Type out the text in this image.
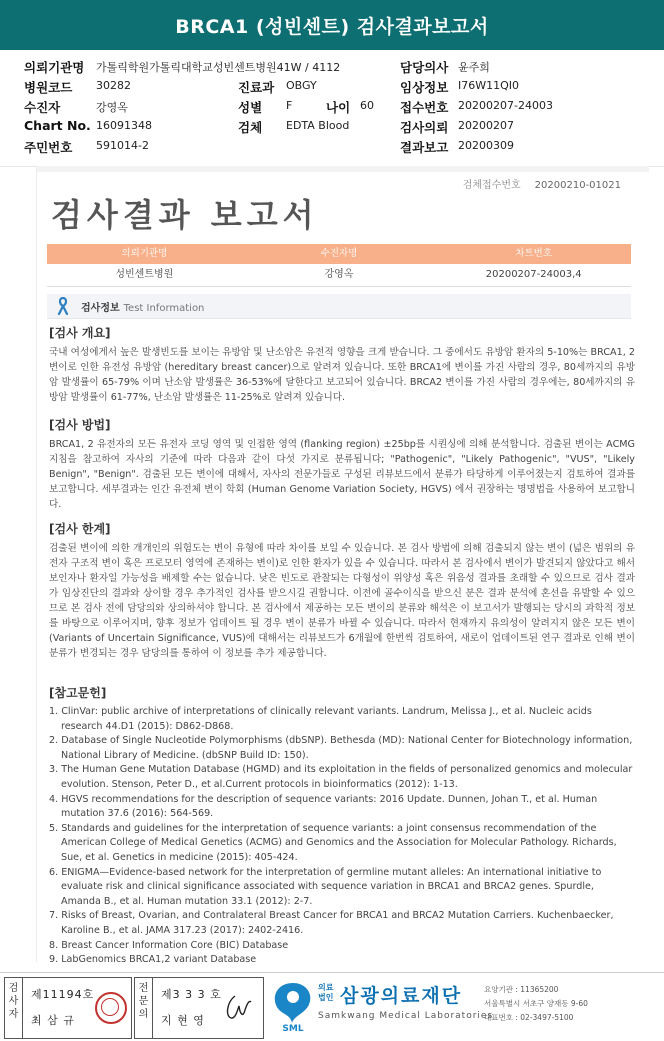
BRCA1 (성빈센트) 검사결과보고서
의뢰기관명 가톨릭학원가톨릭대학교성빈센트병원41W / 4112
병원코드 30282	진료과 OBGY
수진자	강영옥	성별 F	나이 60
Chart No. 16091348	검체 EDTA Blood
주민번호 591014-2
담당의사 윤주희
임상정보 I76W11QI0
접수번호 20200207-24003
검사의뢰 20200207
결과보고 20200309
검체접수번호 20200210-01021
검사결과 보고서
의뢰기관명	수진자명	차트번호
성빈센트병원	강영옥	20200207-24003,4
검사정보 Test Information
[검사 개요]

국내 여성에게서 높은 발생빈도를 보이는 유방암 및 난소암은 유전적 영향을 크게 받습니다. 그 중에서도 유방암 환자의 5-10%는 BRCA1, 2 변이로 인한 유전성 유방암 (hereditary breast cancer)으로 알려져 있습니다. 또한 BRCA1에 변이를 가진 사람의 경우, 80세까지의 유방암 발생률이 65-79% 이며 난소암 발생률은 36-53%에 달한다고 보고되어 있습니다. BRCA2 변이를 가진 사람의 경우에는, 80세까지의 유방암 발생률이 61-77%, 난소암 발생률은 11-25%로 알려져 있습니다.

[검사 방법]

BRCA1, 2 유전자의 모든 유전자 코딩 영역 및 인접한 영역 (flanking region) ±25bp를 시퀀싱에 의해 분석합니다. 검출된 변이는 ACMG 지침을 참고하여 자사의 기준에 따라 다음과 같이 다섯 가지로 분류됩니다; "Pathogenic", "Likely Pathogenic", "VUS", "Likely Benign", "Benign". 검출된 모든 변이에 대해서, 자사의 전문가들로 구성된 리뷰보드에서 분류가 타당하게 이루어졌는지 검토하여 결과를 보고합니다. 세부결과는 인간 유전체 변이 학회 (Human Genome Variation Society, HGVS) 에서 권장하는 명명법을 사용하여 보고합니다.

[검사 한계]

검출된 변이에 의한 개개인의 위험도는 변이 유형에 따라 차이를 보일 수 있습니다. 본 검사 방법에 의해 검출되지 않는 변이 (넓은 범위의 유전자 구조적 변이 혹은 프로모터 영역에 존재하는 변이)로 인한 환자가 있을 수 있습니다. 따라서 본 검사에서 변이가 발견되지 않았다고 해서 보인자나 환자일 가능성을 배제할 수는 없습니다. 낮은 빈도로 관찰되는 다형성이 위양성 혹은 위음성 결과를 초래할 수 있으므로 검사 결과가 임상진단의 결과와 상이할 경우 추가적인 검사를 받으시길 권합니다. 이전에 골수이식을 받으신 분은 결과 분석에 혼선을 유발할 수 있으므로 본 검사 전에 담당의와 상의하셔야 합니다. 본 검사에서 제공하는 모든 변이의 분류와 해석은 이 보고서가 발행되는 당시의 과학적 정보를 바탕으로 이루어지며, 향후 정보가 업데이트 될 경우 변이 분류가 바뀔 수 있습니다. 따라서 현재까지 유의성이 알려지지 않은 모든 변이 (Variants of Uncertain Significance, VUS)에 대해서는 리뷰보드가 6개월에 한번씩 검토하여, 새로이 업데이트된 연구 결과로 인해 변이 분류가 변경되는 경우 담당의를 통하여 이 정보를 추가 제공합니다.

[참고문헌]
1. ClinVar: public archive of interpretations of clinically relevant variants. Landrum, Melissa J., et al. Nucleic acids research 44.D1 (2015): D862-D868.
2. Database of Single Nucleotide Polymorphisms (dbSNP). Bethesda (MD): National Center for Biotechnology information, National Library of Medicine. (dbSNP Build ID: 150).
3. The Human Gene Mutation Database (HGMD) and its exploitation in the fields of personalized genomics and molecular evolution. Stenson, Peter D., et al.Current protocols in bioinformatics (2012): 1-13.
4. HGVS recommendations for the description of sequence variants: 2016 Update. Dunnen, Johan T., et al. Human mutation 37.6 (2016): 564-569.
5. Standards and guidelines for the interpretation of sequence variants: a joint consensus recommendation of the American College of Medical Genetics (ACMG) and Genomics and the Association for Molecular Pathology. Richards, Sue, et al. Genetics in medicine (2015): 405-424.
6. ENIGMA—Evidence-based network for the interpretation of germline mutant alleles: An international initiative to evaluate risk and clinical significance associated with sequence variation in BRCA1 and BRCA2 genes. Spurdle, Amanda B., et al. Human mutation 33.1 (2012): 2-7.
7. Risks of Breast, Ovarian, and Contralateral Breast Cancer for BRCA1 and BRCA2 Mutation Carriers. Kuchenbaecker, Karoline B., et al. JAMA 317.23 (2017): 2402-2416.
8. Breast Cancer Information Core (BIC) Database
9. LabGenomics BRCA1,2 variant Database
검사자
제11194호
최 삼 규
전문의
제3 3 3 호
지 현 영
SML
의료법인 삼광의료재단
Samkwang Medical Laboratories
요양기관 : 11365200
서울특별시 서초구 양재동 9-60
대표번호 : 02-3497-5100
